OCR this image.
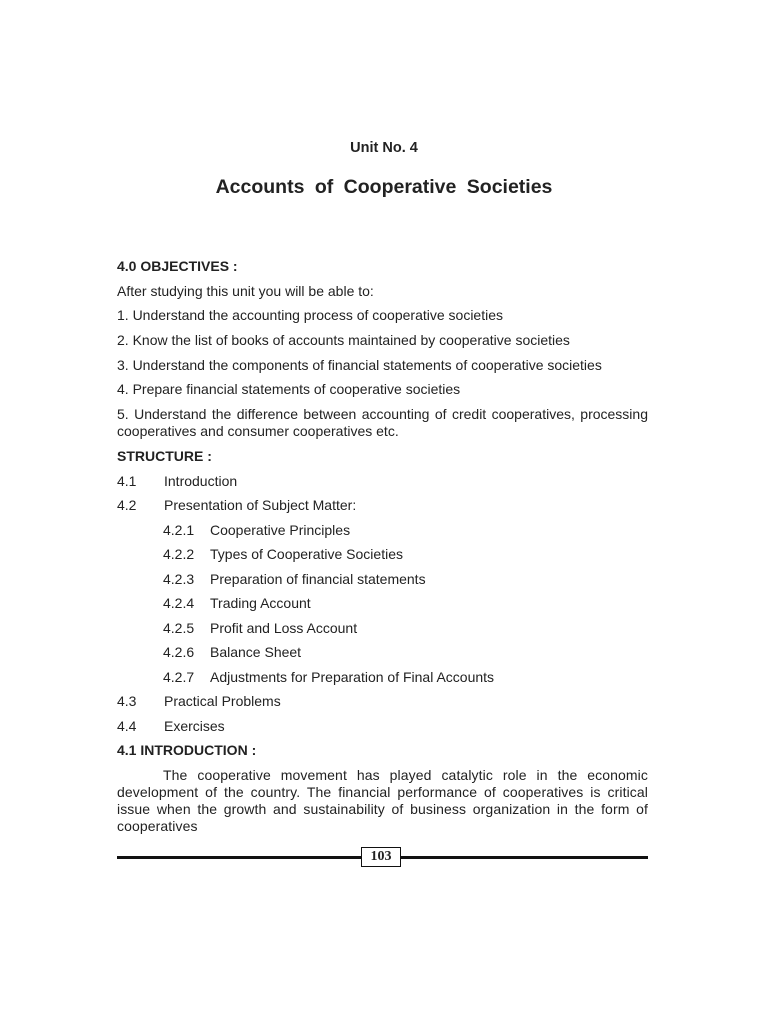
Unit No. 4
Accounts of Cooperative Societies
4.0 OBJECTIVES :
After studying this unit you will be able to:
1. Understand the accounting process of cooperative societies
2. Know the list of books of accounts maintained by cooperative societies
3. Understand the components of financial statements of cooperative societies
4. Prepare financial statements of cooperative societies
5. Understand the difference between accounting of credit cooperatives, processing cooperatives and consumer cooperatives etc.
STRUCTURE :
4.1 Introduction
4.2 Presentation of Subject Matter:
4.2.1 Cooperative Principles
4.2.2 Types of Cooperative Societies
4.2.3 Preparation of financial statements
4.2.4 Trading Account
4.2.5 Profit and Loss Account
4.2.6 Balance Sheet
4.2.7 Adjustments for Preparation of Final Accounts
4.3 Practical Problems
4.4 Exercises
4.1 INTRODUCTION :
The cooperative movement has played catalytic role in the economic development of the country. The financial performance of cooperatives is critical issue when the growth and sustainability of business organization in the form of cooperatives
103
